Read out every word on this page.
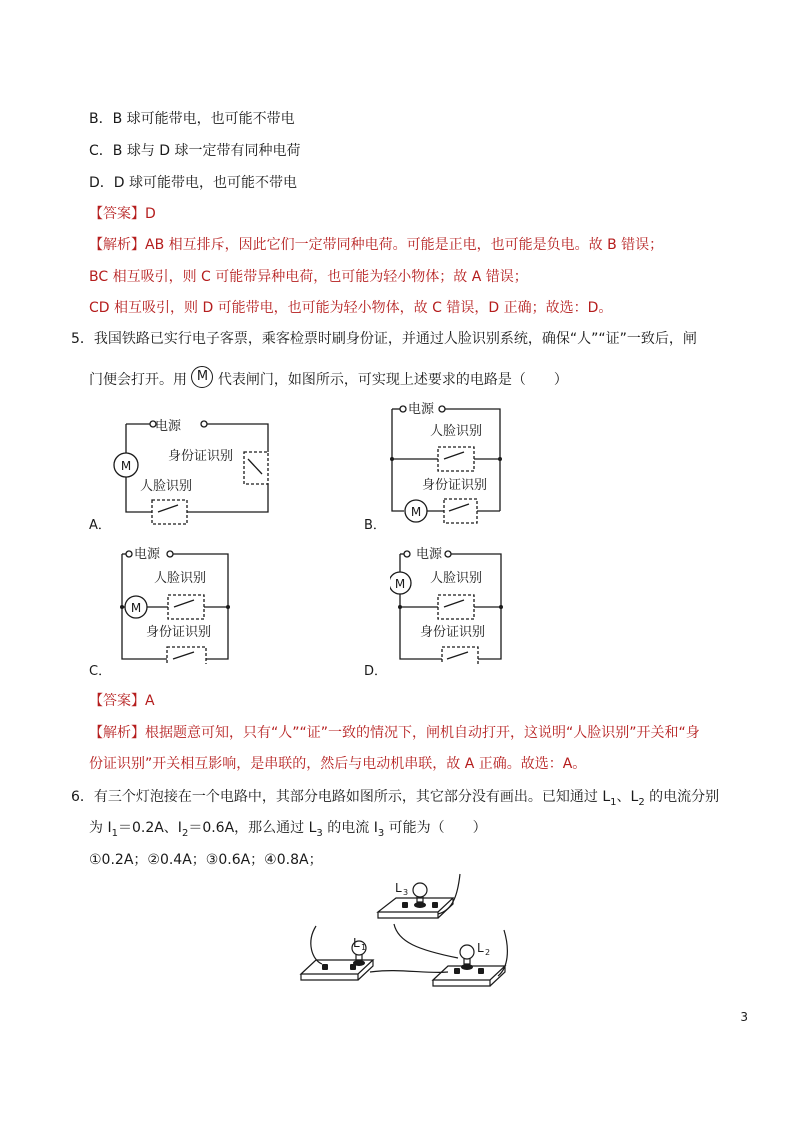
B．B 球可能带电，也可能不带电
C．B 球与 D 球一定带有同种电荷
D．D 球可能带电，也可能不带电
【答案】D
【解析】AB 相互排斥，因此它们一定带同种电荷。可能是正电，也可能是负电。故 B 错误；
BC 相互吸引，则 C 可能带异种电荷，也可能为轻小物体；故 A 错误；
CD 相互吸引，则 D 可能带电，也可能为轻小物体，故 C 错误，D 正确；故选：D。
5．我国铁路已实行电子客票，乘客检票时刷身份证，并通过人脸识别系统，确保“人”“证”一致后，闸
门便会打开。用 M 代表闸门，如图所示，可实现上述要求的电路是（　　）
M
电源
身份证识别
人脸识别
A．
M
电源
人脸识别
身份证识别
B．
M
电源
人脸识别
身份证识别
C．
M
电源
人脸识别
身份证识别
D．
【答案】A
【解析】根据题意可知，只有“人”“证”一致的情况下，闸机自动打开，这说明“人脸识别”开关和“身
份证识别”开关相互影响，是串联的，然后与电动机串联，故 A 正确。故选：A。
6．有三个灯泡接在一个电路中，其部分电路如图所示，其它部分没有画出。已知通过 $L_1$、$L_2$ 的电流分别
为 $I_1=0.2A$、$I_2=0.6A$，那么通过 $L_3$ 的电流 $I_3$ 可能为（　　）
①0.2A；②0.4A；③0.6A；④0.8A；
L 3
L 1	L 2
3
